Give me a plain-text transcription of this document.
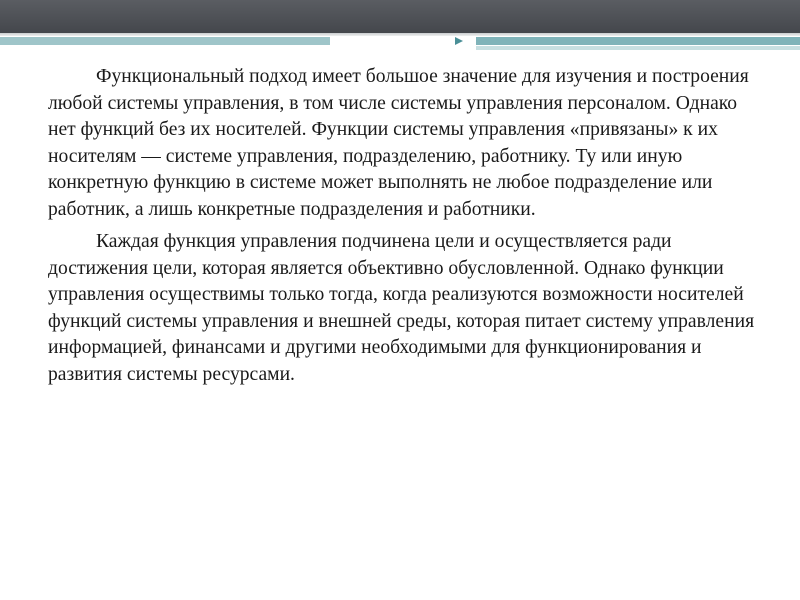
Функциональный подход имеет большое значение для изучения и построения любой системы управления, в том числе системы управления персоналом. Однако нет функций без их носителей. Функции системы управления «привязаны» к их носителям — системе управления, подразделению, работнику. Ту или иную конкретную функцию в системе может выполнять не любое подразделение или работник, а лишь конкретные подразделения и работники.

Каждая функция управления подчинена цели и осуществляется ради достижения цели, которая является объективно обусловленной. Однако функции управления осуществимы только тогда, когда реализуются возможности носителей функций системы управления и внешней среды, которая питает систему управления информацией, финансами и другими необходимыми для функционирования и развития системы ресурсами.
